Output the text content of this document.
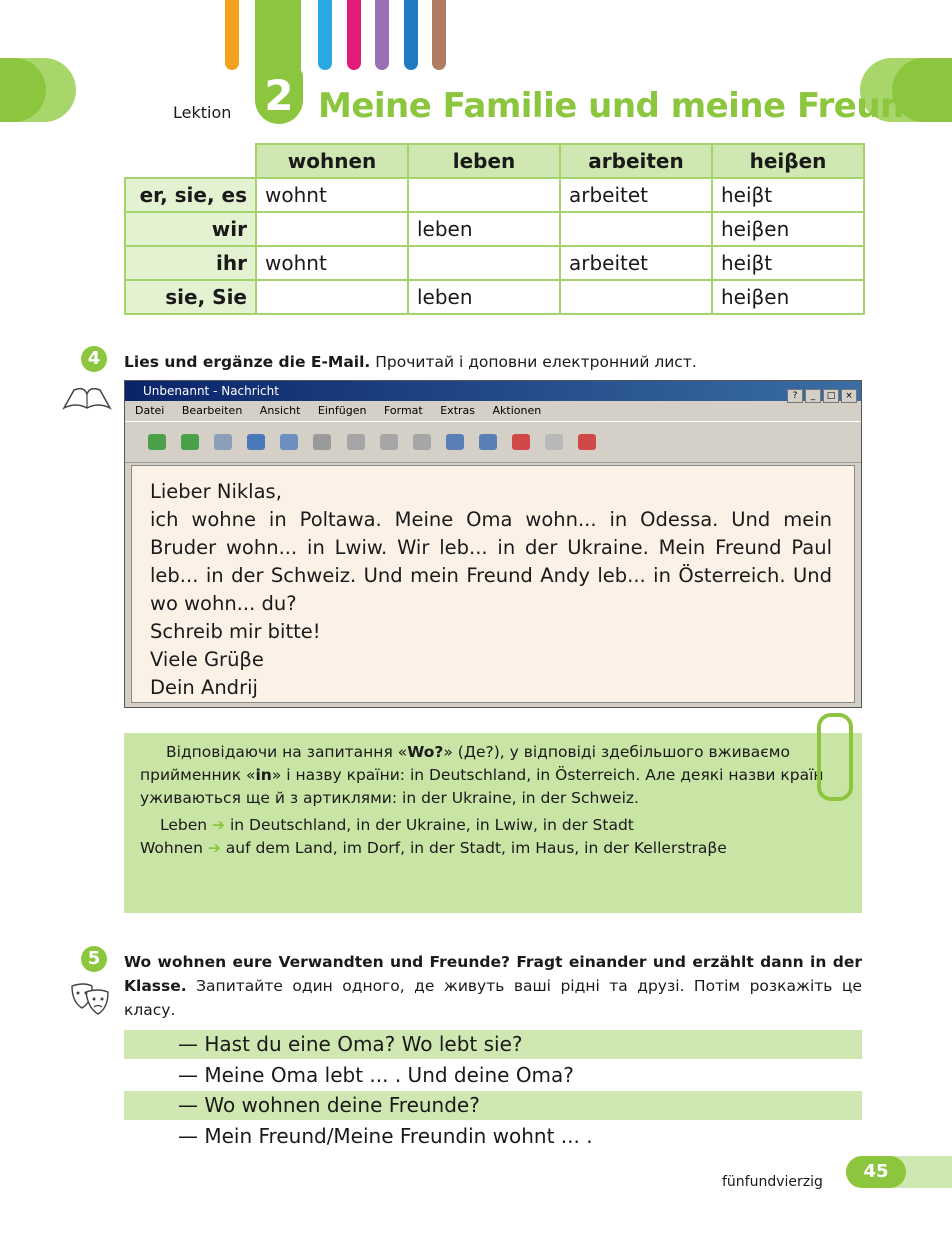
Lektion 2 Meine Familie und meine Freunde
	wohnen	leben	arbeiten	heiβen
er, sie, es	wohnt		arbeitet	heiβt
wir		leben		heiβen
ihr	wohnt		arbeitet	heiβt
sie, Sie		leben		heiβen
4	Lies und ergänze die E-Mail. Прочитай і доповни електронний лист.
Unbenannt - Nachricht	? _ □ ×
Datei Bearbeiten Ansicht Einfügen Format Extras Aktionen

Lieber Niklas,
ich wohne in Poltawa. Meine Oma wohn... in Odessa. Und mein Bruder wohn... in Lwiw. Wir leb... in der Ukraine. Mein Freund Paul leb... in der Schweiz. Und mein Freund Andy leb... in Österreich. Und wo wohn... du?
Schreib mir bitte!
Viele Grüβe
Dein Andrij
Відповідаючи на запитання «Wo?» (Де?), у відповіді здебільшого вживаємо прийменник «in» і назву країни: in Deutschland, in Österreich. Але деякі назви країн уживаються ще й з артиклями: in der Ukraine, in der Schweiz.
Leben ➔ in Deutschland, in der Ukraine, in Lwiw, in der Stadt
Wohnen ➔ auf dem Land, im Dorf, in der Stadt, im Haus, in der Kellerstraβe
5	Wo wohnen eure Verwandten und Freunde? Fragt einander und erzählt dann in der Klasse. Запитайте один одного, де живуть ваші рідні та друзі. Потім розкажіть це класу.
— Hast du eine Oma? Wo lebt sie?
— Meine Oma lebt ... . Und deine Oma?
— Wo wohnen deine Freunde?
— Mein Freund/Meine Freundin wohnt ... .
fünfundvierzig	45
